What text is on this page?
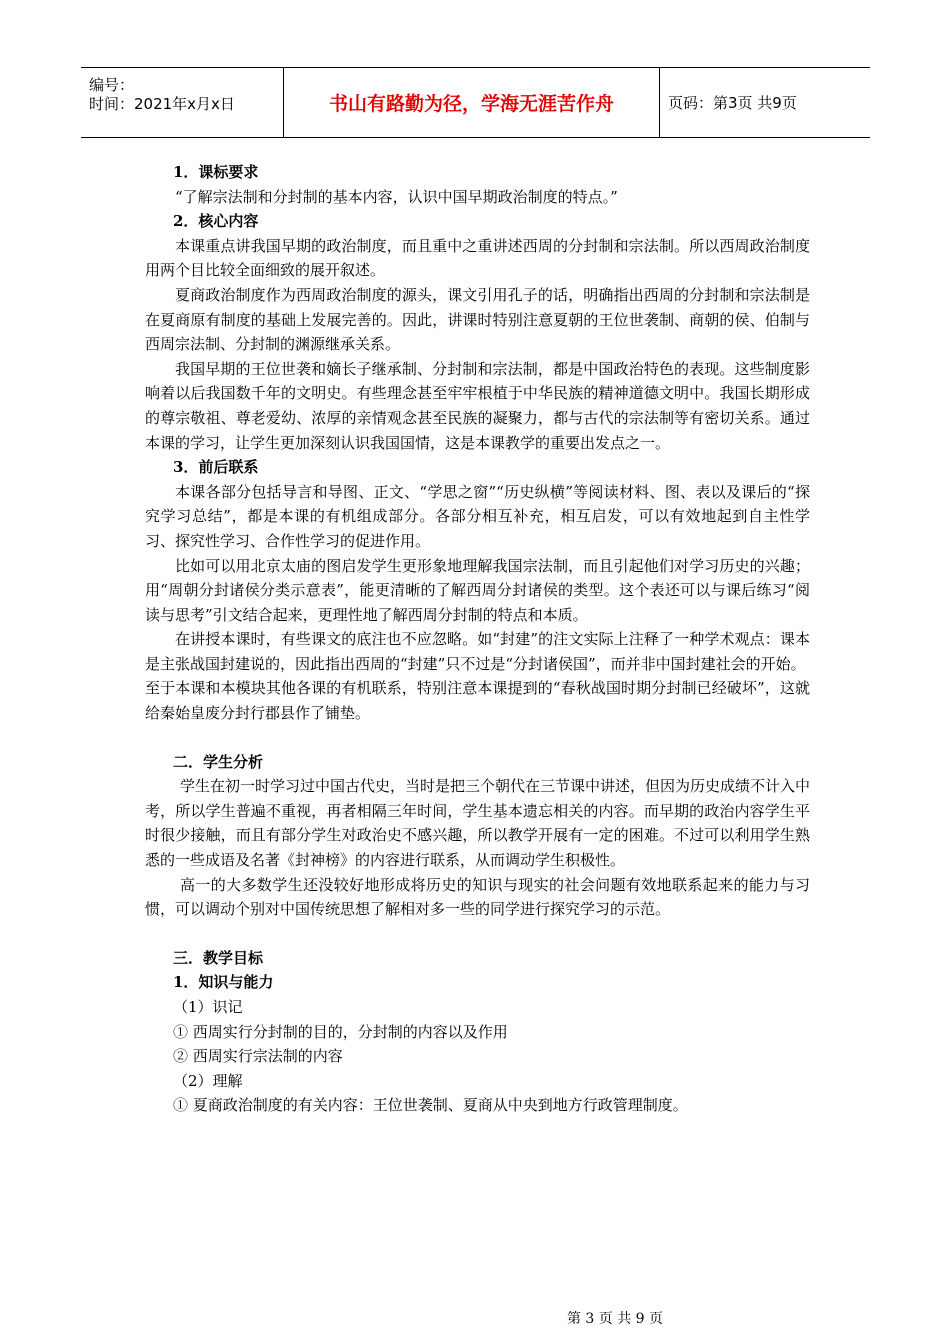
编号：
时间：2021年x月x日	书山有路勤为径，学海无涯苦作舟	页码：第3页 共9页

1．课标要求

“了解宗法制和分封制的基本内容，认识中国早期政治制度的特点。”

2．核心内容

本课重点讲我国早期的政治制度，而且重中之重讲述西周的分封制和宗法制。所以西周政治制度用两个目比较全面细致的展开叙述。

夏商政治制度作为西周政治制度的源头，课文引用孔子的话，明确指出西周的分封制和宗法制是在夏商原有制度的基础上发展完善的。因此，讲课时特别注意夏朝的王位世袭制、商朝的侯、伯制与西周宗法制、分封制的渊源继承关系。

我国早期的王位世袭和嫡长子继承制、分封制和宗法制，都是中国政治特色的表现。这些制度影响着以后我国数千年的文明史。有些理念甚至牢牢根植于中华民族的精神道德文明中。我国长期形成的尊宗敬祖、尊老爱幼、浓厚的亲情观念甚至民族的凝聚力，都与古代的宗法制等有密切关系。通过本课的学习，让学生更加深刻认识我国国情，这是本课教学的重要出发点之一。

3．前后联系

本课各部分包括导言和导图、正文、“学思之窗”“历史纵横”等阅读材料、图、表以及课后的“探究学习总结”，都是本课的有机组成部分。各部分相互补充，相互启发，可以有效地起到自主性学习、探究性学习、合作性学习的促进作用。

比如可以用北京太庙的图启发学生更形象地理解我国宗法制，而且引起他们对学习历史的兴趣；用“周朝分封诸侯分类示意表”，能更清晰的了解西周分封诸侯的类型。这个表还可以与课后练习“阅读与思考”引文结合起来，更理性地了解西周分封制的特点和本质。

在讲授本课时，有些课文的底注也不应忽略。如“封建”的注文实际上注释了一种学术观点：课本是主张战国封建说的，因此指出西周的“封建”只不过是“分封诸侯国”，而并非中国封建社会的开始。

至于本课和本模块其他各课的有机联系，特别注意本课提到的“春秋战国时期分封制已经破坏”，这就给秦始皇废分封行郡县作了铺垫。

二．学生分析

学生在初一时学习过中国古代史，当时是把三个朝代在三节课中讲述，但因为历史成绩不计入中考，所以学生普遍不重视，再者相隔三年时间，学生基本遗忘相关的内容。而早期的政治内容学生平时很少接触，而且有部分学生对政治史不感兴趣，所以教学开展有一定的困难。不过可以利用学生熟悉的一些成语及名著《封神榜》的内容进行联系，从而调动学生积极性。

高一的大多数学生还没较好地形成将历史的知识与现实的社会问题有效地联系起来的能力与习惯，可以调动个别对中国传统思想了解相对多一些的同学进行探究学习的示范。

三．教学目标

1．知识与能力

（1）识记

① 西周实行分封制的目的，分封制的内容以及作用

② 西周实行宗法制的内容

（2）理解

① 夏商政治制度的有关内容：王位世袭制、夏商从中央到地方行政管理制度。

第 3 页 共 9 页
